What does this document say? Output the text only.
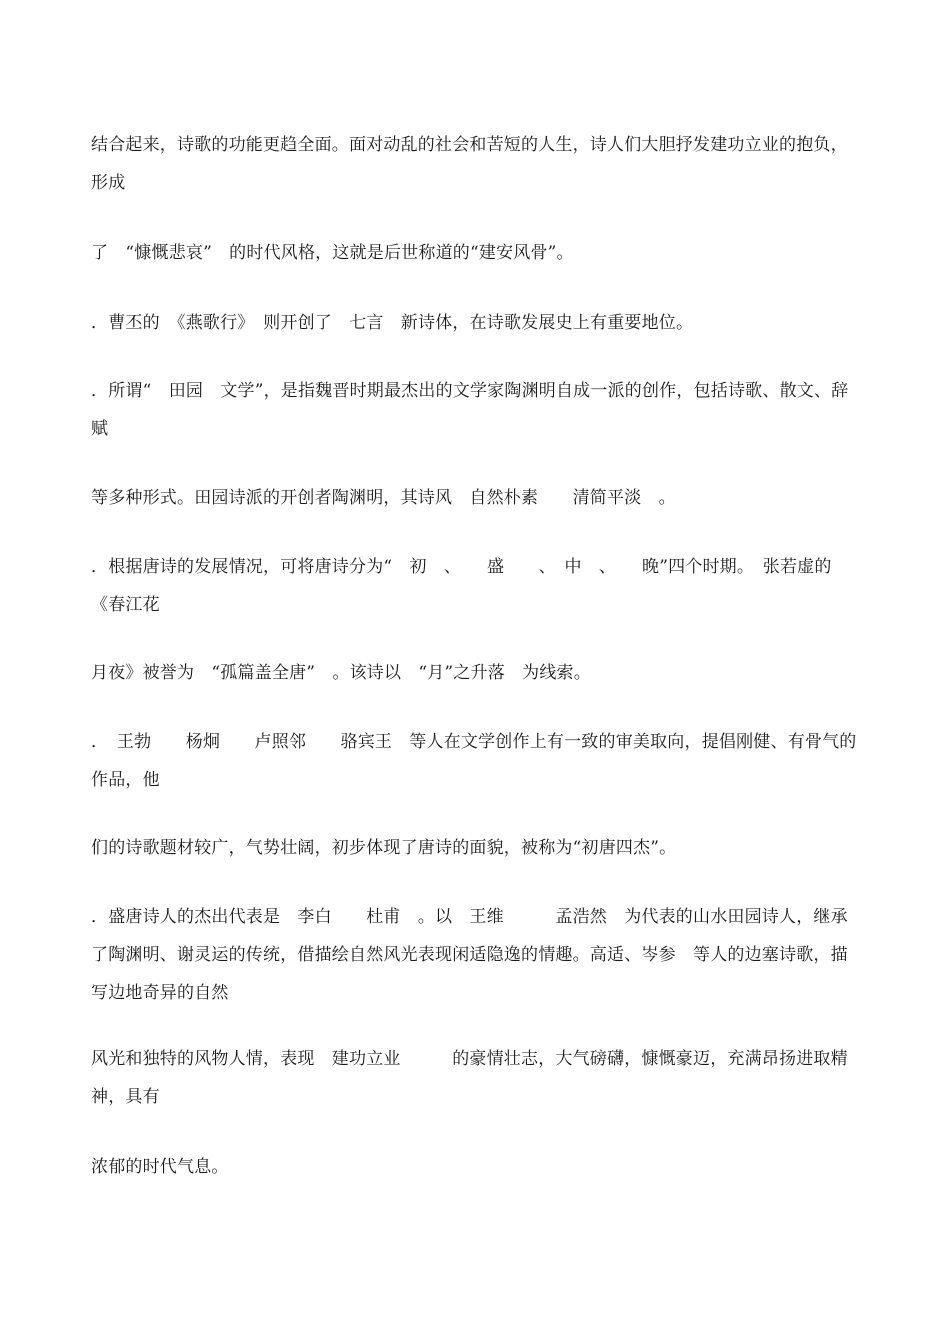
结合起来，诗歌的功能更趋全面。面对动乱的社会和苦短的人生，诗人们大胆抒发建功立业的抱负，形成

了　“慷慨悲哀”　的时代风格，这就是后世称道的“建安风骨”。

．曹丕的　《燕歌行》　则开创了　七言　新诗体，在诗歌发展史上有重要地位。

．所谓“　田园　文学”，是指魏晋时期最杰出的文学家陶渊明自成一派的创作，包括诗歌、散文、辞赋

等多种形式。田园诗派的开创者陶渊明，其诗风　自然朴素　　清简平淡　。

．根据唐诗的发展情况，可将唐诗分为“　初　、　　盛　　、　中　、　　晚”四个时期。　张若虚的《春江花

月夜》被誉为　“孤篇盖全唐”　。该诗以　“月”之升落　为线索。

．　王勃　　杨炯　　卢照邻　　骆宾王　等人在文学创作上有一致的审美取向，提倡刚健、有骨气的作品，他

们的诗歌题材较广，气势壮阔，初步体现了唐诗的面貌，被称为“初唐四杰”。

．盛唐诗人的杰出代表是　李白　　杜甫　。以　王维　　　孟浩然　为代表的山水田园诗人，继承了陶渊明、谢灵运的传统，借描绘自然风光表现闲适隐逸的情趣。高适、岑参　等人的边塞诗歌，描写边地奇异的自然

风光和独特的风物人情，表现　建功立业　　　的豪情壮志，大气磅礴，慷慨豪迈，充满昂扬进取精神，具有

浓郁的时代气息。
